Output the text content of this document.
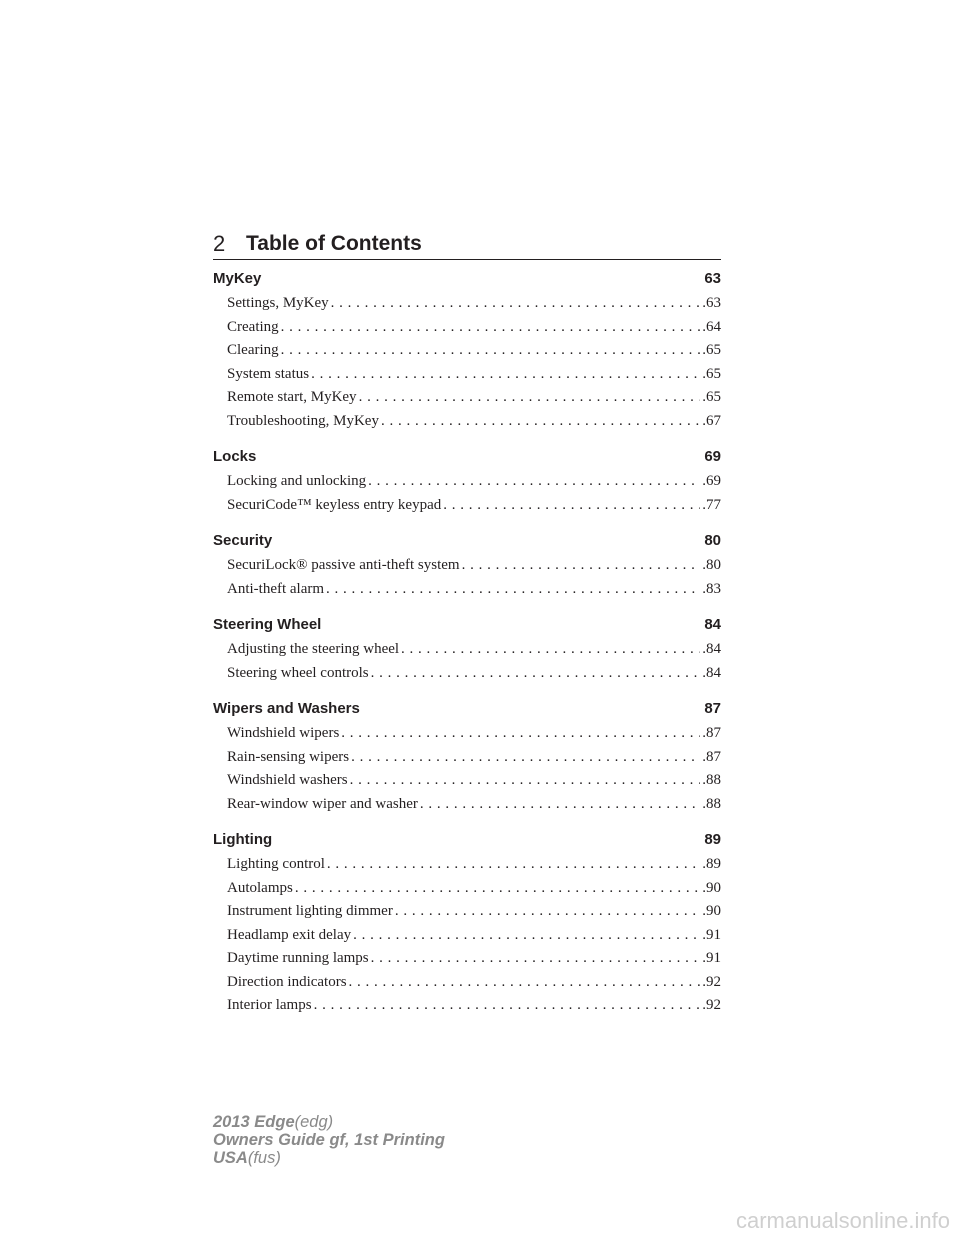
2 Table of Contents
MyKey	63
Settings, MyKey . . .	.63
Creating . . .	.64
Clearing . . .	.65
System status . . .	.65
Remote start, MyKey . . .	.65
Troubleshooting, MyKey . . .	.67
Locks	69
Locking and unlocking . . .	.69
SecuriCode™ keyless entry keypad . . .	.77
Security	80
SecuriLock® passive anti-theft system . . .	.80
Anti-theft alarm . . .	.83
Steering Wheel	84
Adjusting the steering wheel . . .	.84
Steering wheel controls . . .	.84
Wipers and Washers	87
Windshield wipers . . .	.87
Rain-sensing wipers . . .	.87
Windshield washers . . .	.88
Rear-window wiper and washer . . .	.88
Lighting	89
Lighting control . . .	.89
Autolamps . . .	.90
Instrument lighting dimmer . . .	.90
Headlamp exit delay . . .	.91
Daytime running lamps . . .	.91
Direction indicators . . .	.92
Interior lamps . . .	.92
2013 Edge(edg)
Owners Guide gf, 1st Printing
USA(fus)
carmanualsonline.info
